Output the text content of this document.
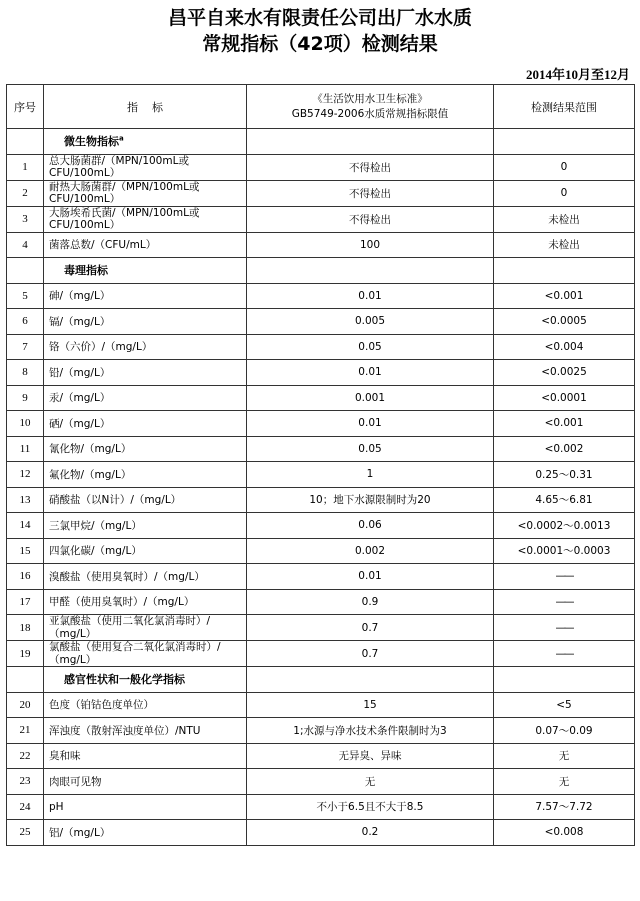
昌平自来水有限责任公司出厂水水质
常规指标（42项）检测结果
2014年10月至12月
序号	指    标	《生活饮用水卫生标准》
GB5749-2006水质常规指标限值	检测结果范围
	微生物指标$^a$		
1	总大肠菌群/（MPN/100mL或CFU/100mL）	不得检出	0
2	耐热大肠菌群/（MPN/100mL或CFU/100mL）	不得检出	0
3	大肠埃希氏菌/（MPN/100mL或CFU/100mL）	不得检出	未检出
4	菌落总数/（CFU/mL）	100	未检出
	毒理指标		
5	砷/（mg/L）	0.01	<0.001
6	镉/（mg/L）	0.005	<0.0005
7	铬（六价）/（mg/L）	0.05	<0.004
8	铅/（mg/L）	0.01	<0.0025
9	汞/（mg/L）	0.001	<0.0001
10	硒/（mg/L）	0.01	<0.001
11	氰化物/（mg/L）	0.05	<0.002
12	氟化物/（mg/L）	1	0.25～0.31
13	硝酸盐（以N计）/（mg/L）	10；地下水源限制时为20	4.65～6.81
14	三氯甲烷/（mg/L）	0.06	<0.0002～0.0013
15	四氯化碳/（mg/L）	0.002	<0.0001～0.0003
16	溴酸盐（使用臭氧时）/（mg/L）	0.01	——
17	甲醛（使用臭氧时）/（mg/L）	0.9	——
18	亚氯酸盐（使用二氧化氯消毒时）/（mg/L）	0.7	——
19	氯酸盐（使用复合二氧化氯消毒时）/（mg/L）	0.7	——
	感官性状和一般化学指标		
20	色度（铂钴色度单位）	15	<5
21	浑浊度（散射浑浊度单位）/NTU	1;水源与净水技术条件限制时为3	0.07～0.09
22	臭和味	无异臭、异味	无
23	肉眼可见物	无	无
24	pH	不小于6.5且不大于8.5	7.57～7.72
25	铝/（mg/L）	0.2	<0.008
